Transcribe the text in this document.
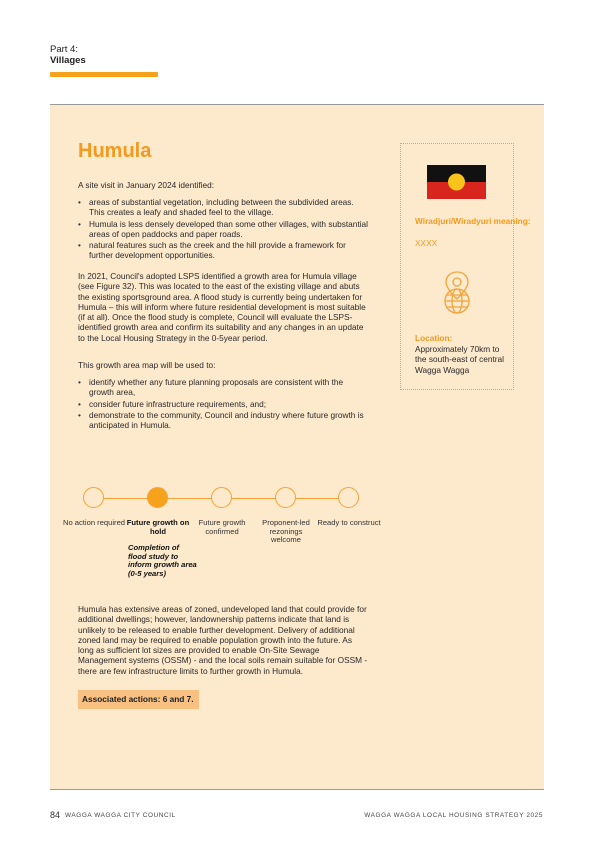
Part 4:
Villages
Humula

A site visit in January 2024 identified:

• areas of substantial vegetation, including between the subdivided areas. This creates a leafy and shaded feel to the village.
• Humula is less densely developed than some other villages, with substantial areas of open paddocks and paper roads.
• natural features such as the creek and the hill provide a framework for further development opportunities.

In 2021, Council's adopted LSPS identified a growth area for Humula village (see Figure 32). This was located to the east of the existing village and abuts the existing sportsground area. A flood study is currently being undertaken for Humula – this will inform where future residential development is most suitable (if at all). Once the flood study is complete, Council will evaluate the LSPS-identified growth area and confirm its suitability and any changes in an update to the Local Housing Strategy in the 0-5year period.

This growth area map will be used to:

• identify whether any future planning proposals are consistent with the growth area,
• consider future infrastructure requirements, and;
• demonstrate to the community, Council and industry where future growth is anticipated in Humula.
Wiradjuri/Wiradyuri meaning:
XXXX
Location:
Approximately 70km to the south-east of central Wagga Wagga
No action required Future growth on hold
Future growth confirmed
Proponent-led rezonings welcome
Ready to construct
Completion of flood study to inform growth area (0-5 years)

Humula has extensive areas of zoned, undeveloped land that could provide for additional dwellings; however, landownership patterns indicate that land is unlikely to be released to enable further development. Delivery of additional zoned land may be required to enable population growth into the future. As long as sufficient lot sizes are provided to enable On-Site Sewage Management systems (OSSM) - and the local soils remain suitable for OSSM - there are few infrastructure limits to further growth in Humula.

Associated actions: 6 and 7.
84 WAGGA WAGGA CITY COUNCIL	WAGGA WAGGA LOCAL HOUSING STRATEGY 2025
